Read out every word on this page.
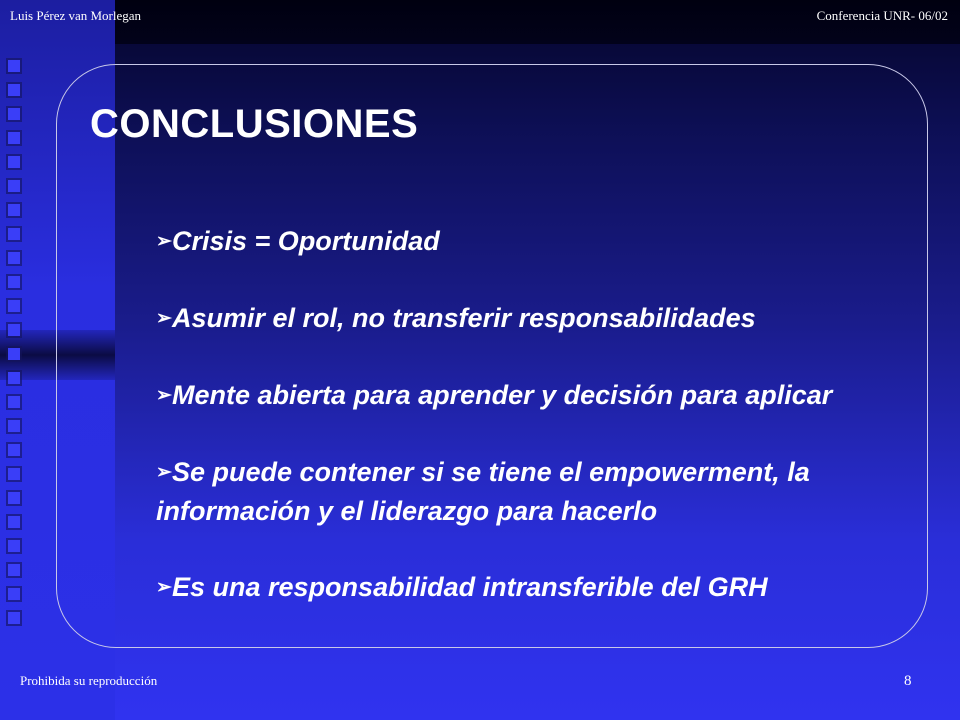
Luis Pérez van Morlegan	Conferencia UNR- 06/02
CONCLUSIONES
➢Crisis = Oportunidad
➢Asumir el rol, no transferir responsabilidades
➢Mente abierta para aprender y decisión para aplicar
➢Se puede contener si se tiene el empowerment, la información y el liderazgo para hacerlo
➢Es una responsabilidad intransferible del GRH
Prohibida su reproducción	8
